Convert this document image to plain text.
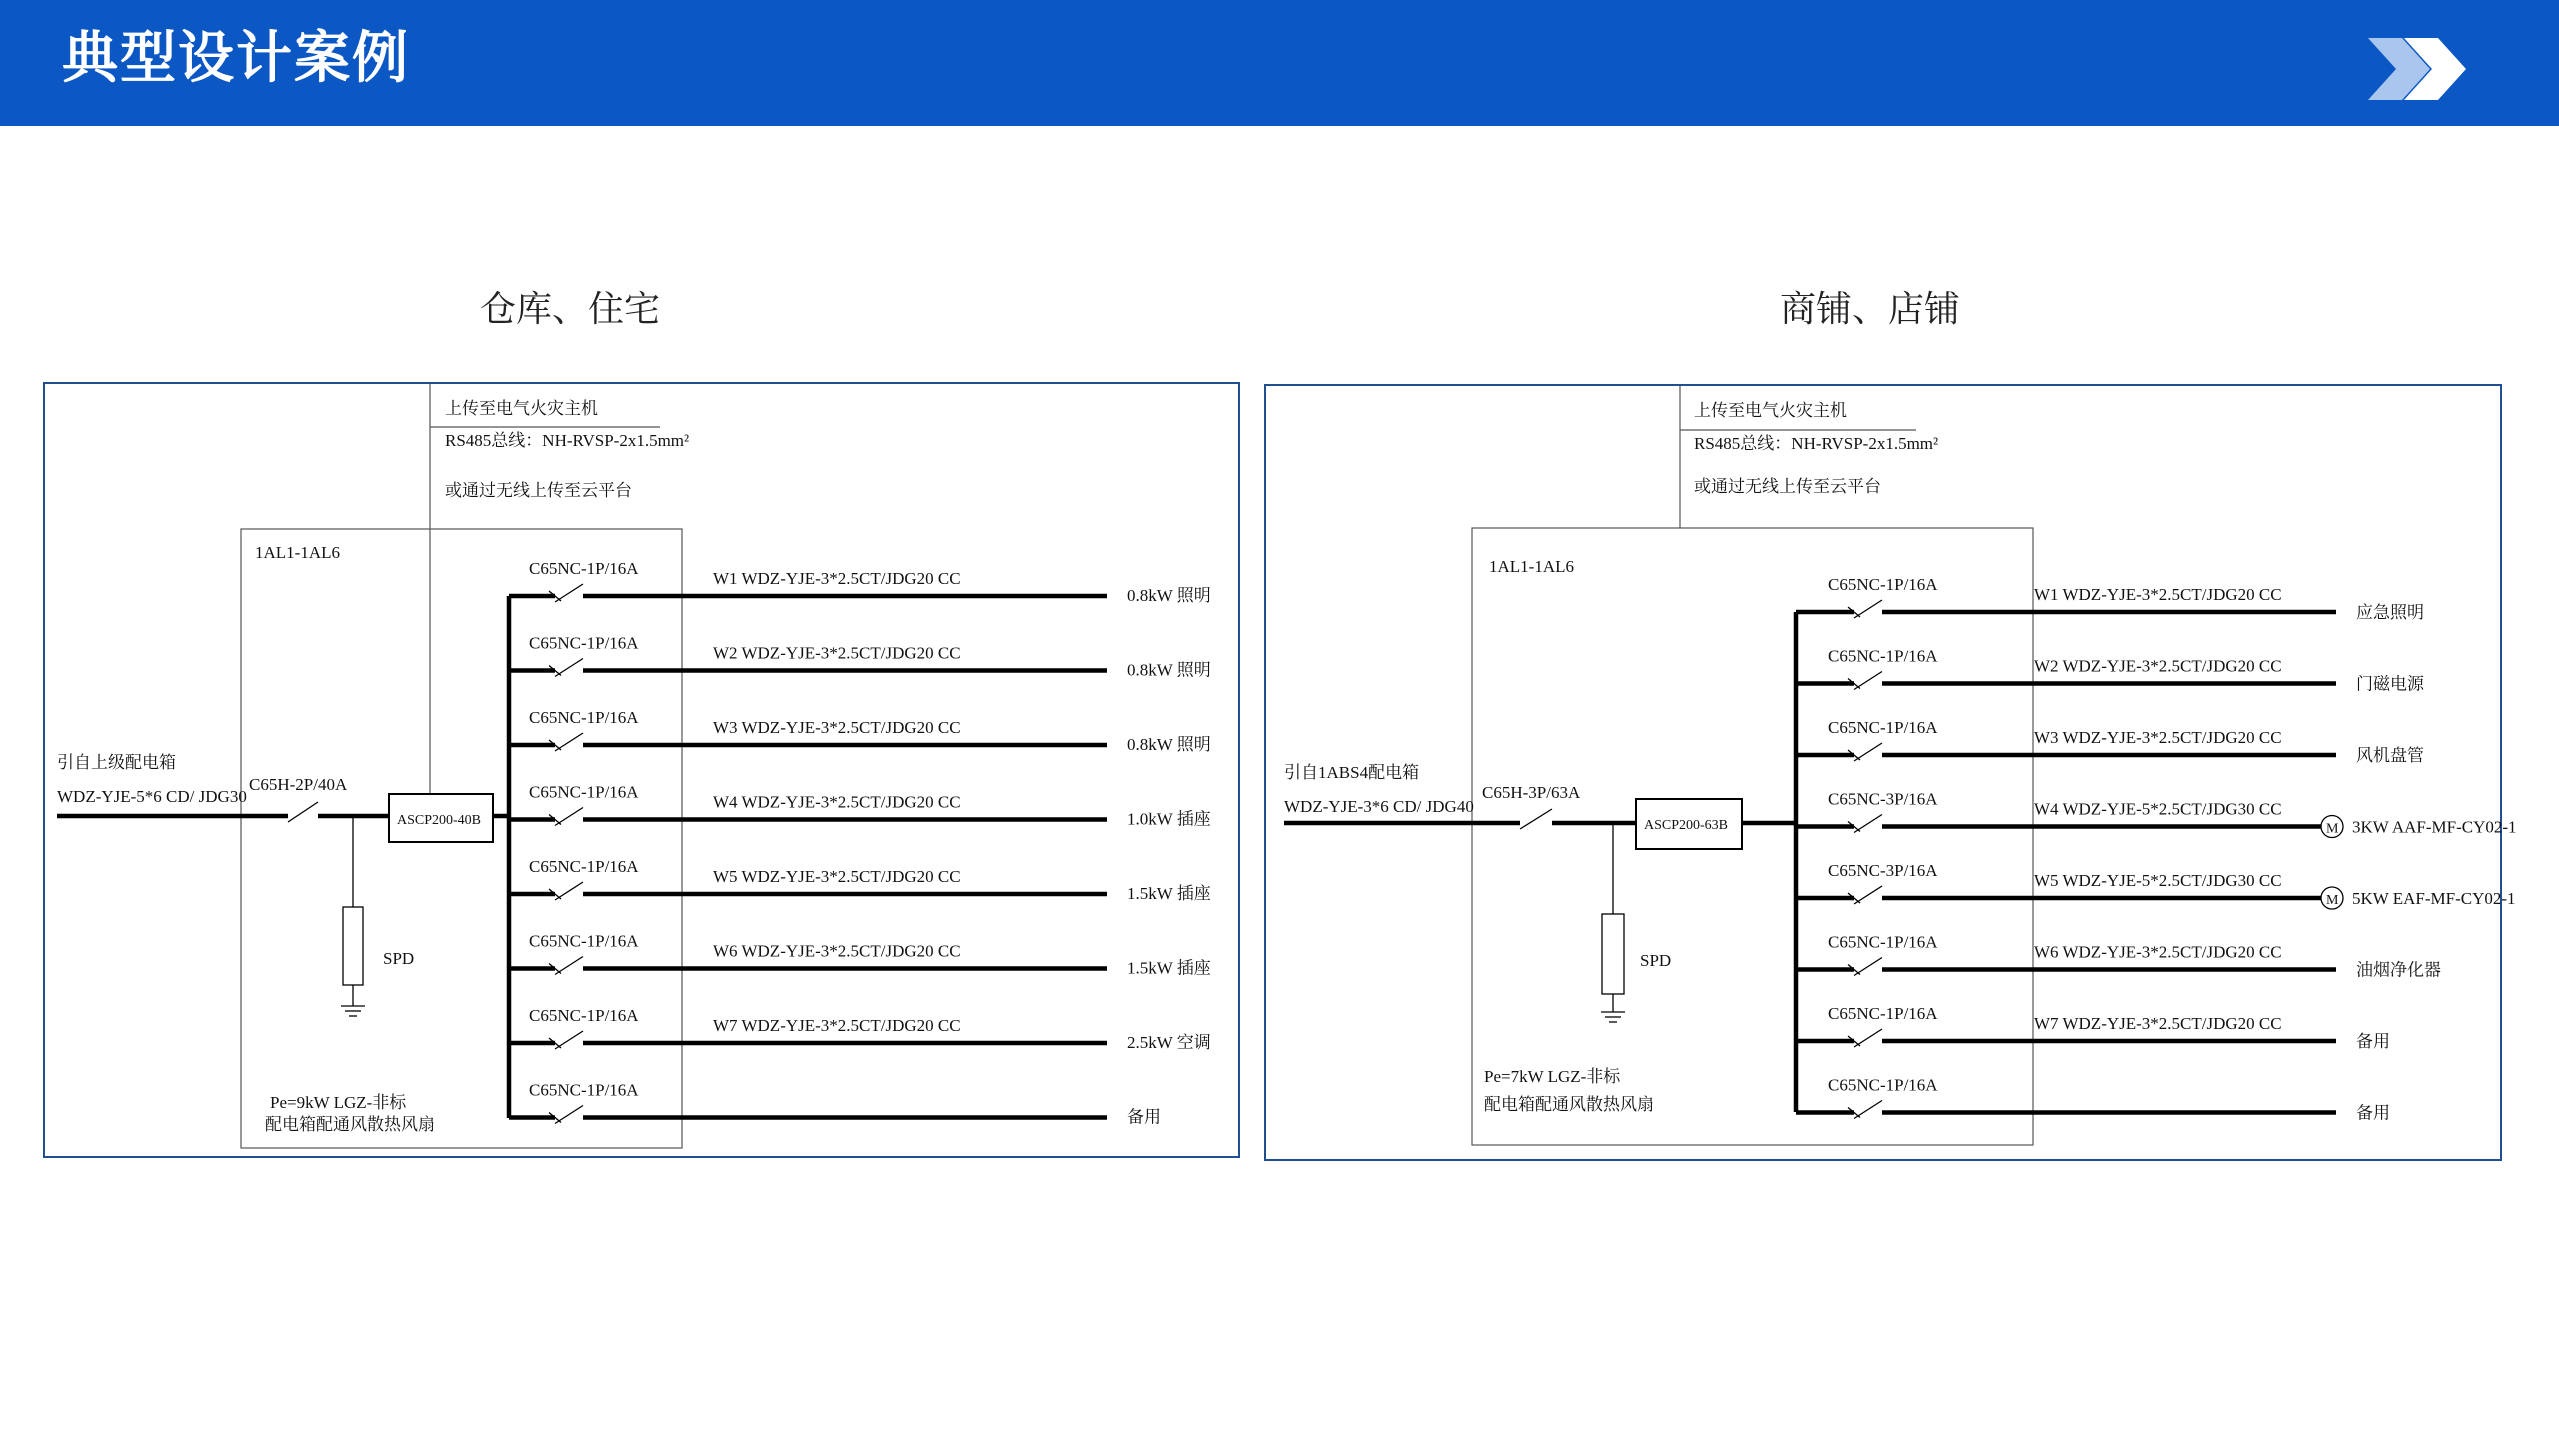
典型设计案例
仓库、住宅	商铺、店铺
上传至电气火灾主机
RS485总线：NH-RVSP-2x1.5mm²
或通过无线上传至云平台
1AL1-1AL6
引自上级配电箱
WDZ-YJE-5*6 CD/ JDG30
C65H-2P/40A
ASCP200-40B
SPD
Pe=9kW LGZ-非标
配电箱配通风散热风扇
C65NC-1P/16A
W1 WDZ-YJE-3*2.5CT/JDG20 CC
0.8kW 照明
C65NC-1P/16A
W2 WDZ-YJE-3*2.5CT/JDG20 CC
0.8kW 照明
C65NC-1P/16A
W3 WDZ-YJE-3*2.5CT/JDG20 CC
0.8kW 照明
C65NC-1P/16A
W4 WDZ-YJE-3*2.5CT/JDG20 CC
1.0kW 插座
C65NC-1P/16A
W5 WDZ-YJE-3*2.5CT/JDG20 CC
1.5kW 插座
C65NC-1P/16A
W6 WDZ-YJE-3*2.5CT/JDG20 CC
1.5kW 插座
C65NC-1P/16A
W7 WDZ-YJE-3*2.5CT/JDG20 CC
2.5kW 空调
C65NC-1P/16A
备用
上传至电气火灾主机
RS485总线：NH-RVSP-2x1.5mm²
或通过无线上传至云平台
1AL1-1AL6
引自1ABS4配电箱
WDZ-YJE-3*6 CD/ JDG40
C65H-3P/63A
ASCP200-63B
SPD
Pe=7kW LGZ-非标
配电箱配通风散热风扇
C65NC-1P/16A
W1 WDZ-YJE-3*2.5CT/JDG20 CC
应急照明
C65NC-1P/16A
W2 WDZ-YJE-3*2.5CT/JDG20 CC
门磁电源
C65NC-1P/16A
W3 WDZ-YJE-3*2.5CT/JDG20 CC
风机盘管
C65NC-3P/16A
W4 WDZ-YJE-5*2.5CT/JDG30 CC
M 3KW AAF-MF-CY02-1
C65NC-3P/16A
W5 WDZ-YJE-5*2.5CT/JDG30 CC
M 5KW EAF-MF-CY02-1
C65NC-1P/16A
W6 WDZ-YJE-3*2.5CT/JDG20 CC
油烟净化器
C65NC-1P/16A
W7 WDZ-YJE-3*2.5CT/JDG20 CC
备用
C65NC-1P/16A
备用
